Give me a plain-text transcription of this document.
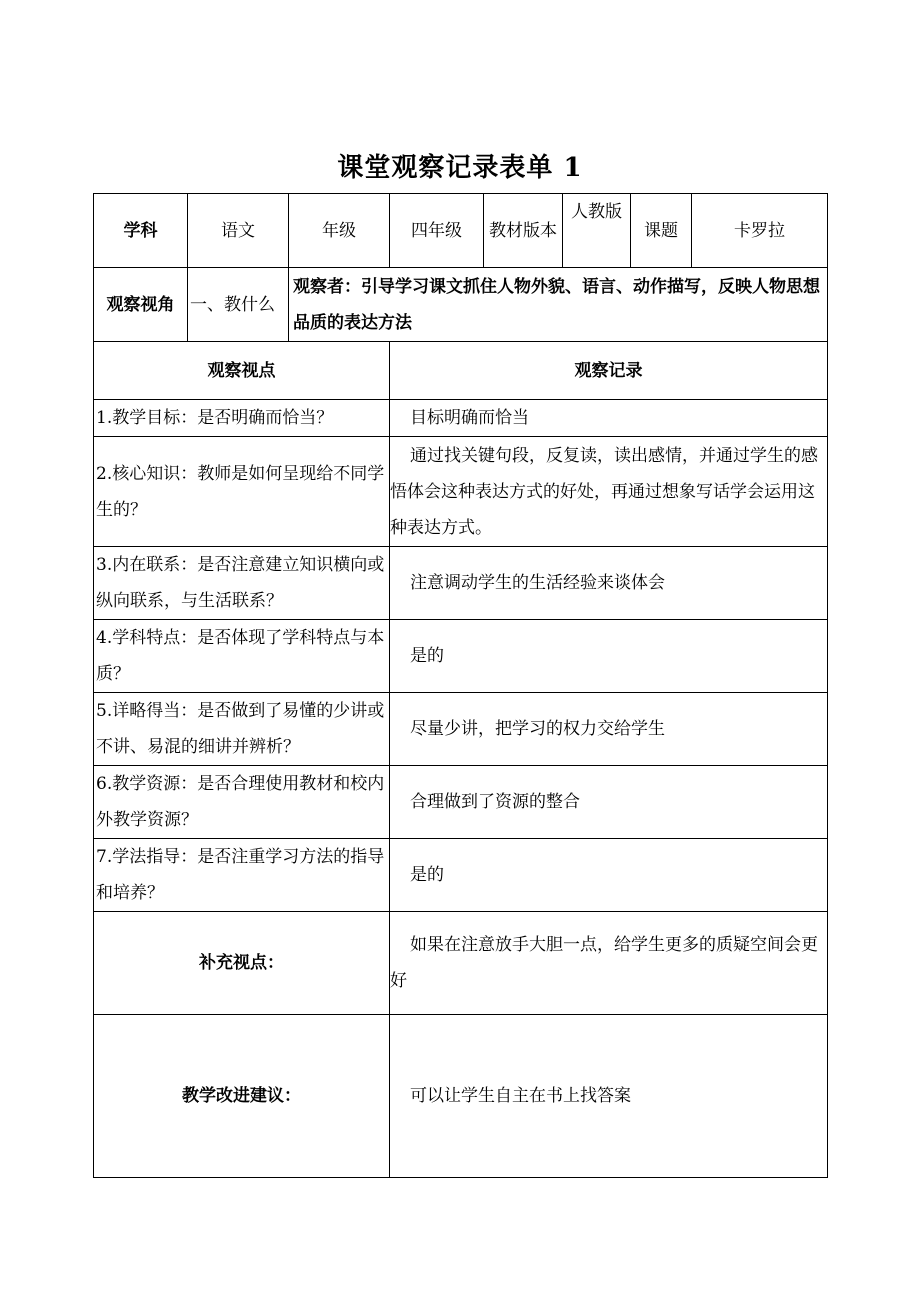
课堂观察记录表单 1
学科	语文	年级	四年级	教材版本	人教版	课题	卡罗拉
观察视角	一、教什么	观察者：引导学习课文抓住人物外貌、语言、动作描写，反映人物思想品质的表达方法					
观察视点			观察记录				
1.教学目标：是否明确而恰当？			目标明确而恰当				
2.核心知识：教师是如何呈现给不同学生的？			通过找关键句段，反复读，读出感情，并通过学生的感悟体会这种表达方式的好处，再通过想象写话学会运用这种表达方式。				
3.内在联系：是否注意建立知识横向或纵向联系，与生活联系？			注意调动学生的生活经验来谈体会				
4.学科特点：是否体现了学科特点与本质？			是的				
5.详略得当：是否做到了易懂的少讲或不讲、易混的细讲并辨析？			尽量少讲，把学习的权力交给学生				
6.教学资源：是否合理使用教材和校内外教学资源？			合理做到了资源的整合				
7.学法指导：是否注重学习方法的指导和培养？			是的				
补充视点：			如果在注意放手大胆一点，给学生更多的质疑空间会更好				
教学改进建议：			可以让学生自主在书上找答案				
